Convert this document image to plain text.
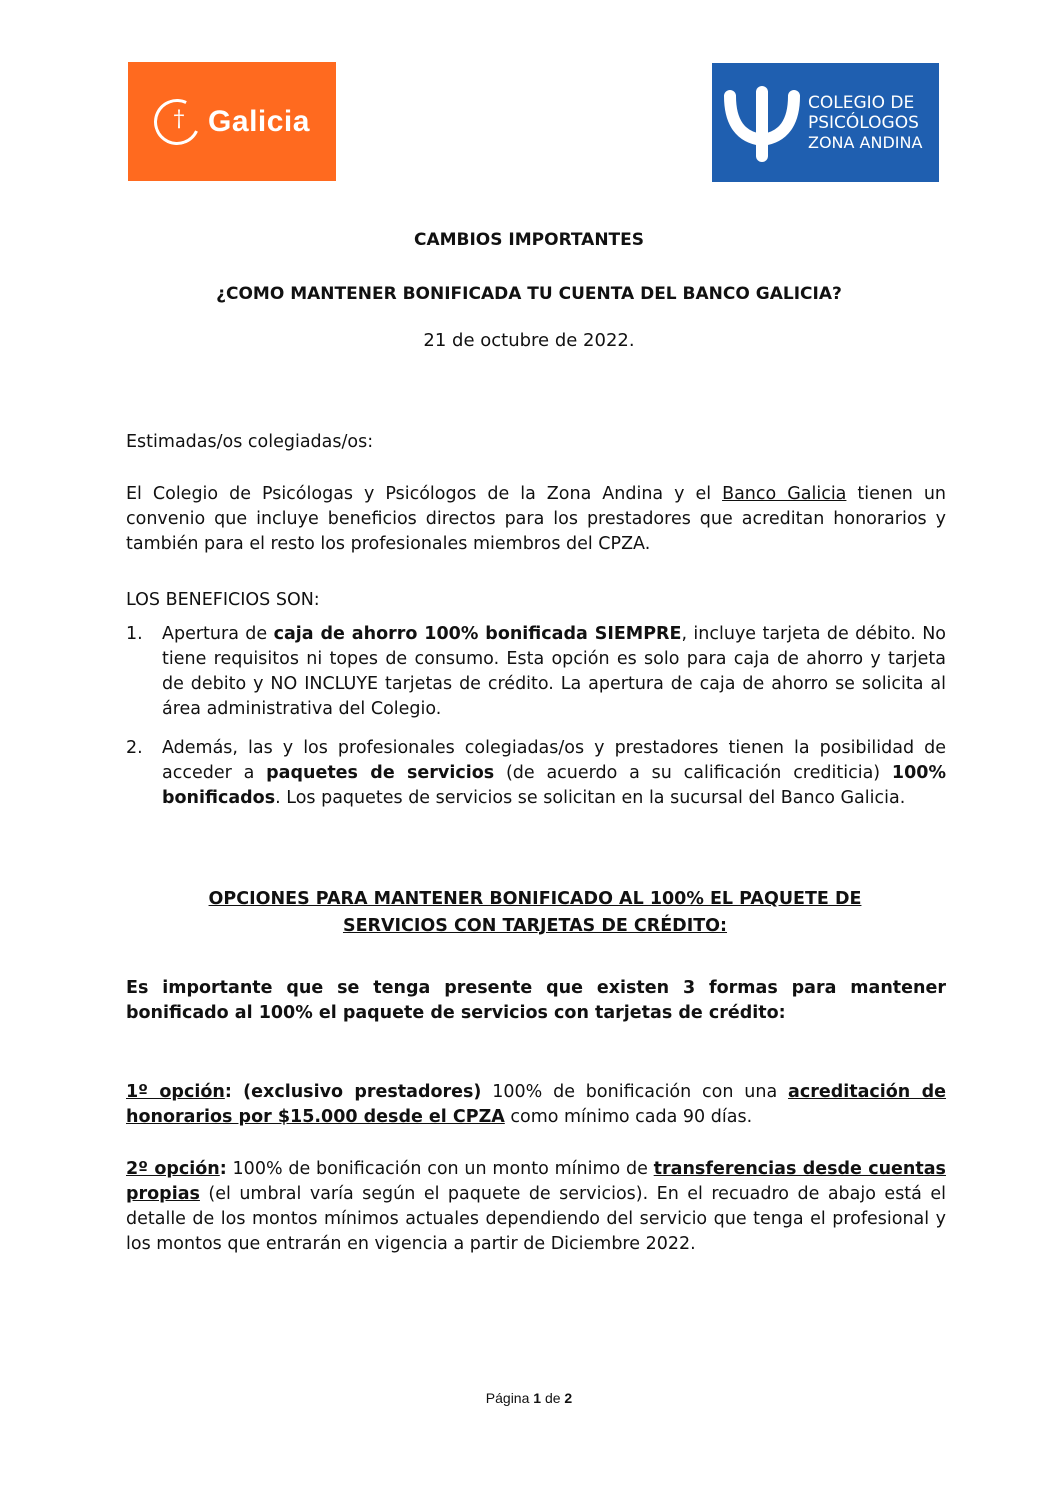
† Galicia
COLEGIO DE
PSICÓLOGOS
ZONA ANDINA
CAMBIOS IMPORTANTES
¿COMO MANTENER BONIFICADA TU CUENTA DEL BANCO GALICIA?
21 de octubre de 2022.
Estimadas/os colegiadas/os:
El Colegio de Psicólogas y Psicólogos de la Zona Andina y el Banco Galicia tienen un convenio que incluye beneficios directos para los prestadores que acreditan honorarios y también para el resto los profesionales miembros del CPZA.
LOS BENEFICIOS SON:
1. Apertura de caja de ahorro 100% bonificada SIEMPRE, incluye tarjeta de débito. No tiene requisitos ni topes de consumo. Esta opción es solo para caja de ahorro y tarjeta de debito y NO INCLUYE tarjetas de crédito. La apertura de caja de ahorro se solicita al área administrativa del Colegio.
2. Además, las y los profesionales colegiadas/os y prestadores tienen la posibilidad de acceder a paquetes de servicios (de acuerdo a su calificación crediticia) 100% bonificados. Los paquetes de servicios se solicitan en la sucursal del Banco Galicia.
OPCIONES PARA MANTENER BONIFICADO AL 100% EL PAQUETE DE SERVICIOS CON TARJETAS DE CRÉDITO:
Es importante que se tenga presente que existen 3 formas para mantener bonificado al 100% el paquete de servicios con tarjetas de crédito:
1º opción: (exclusivo prestadores) 100% de bonificación con una acreditación de honorarios por $15.000 desde el CPZA como mínimo cada 90 días.
2º opción: 100% de bonificación con un monto mínimo de transferencias desde cuentas propias (el umbral varía según el paquete de servicios). En el recuadro de abajo está el detalle de los montos mínimos actuales dependiendo del servicio que tenga el profesional y los montos que entrarán en vigencia a partir de Diciembre 2022.
Página 1 de 2
